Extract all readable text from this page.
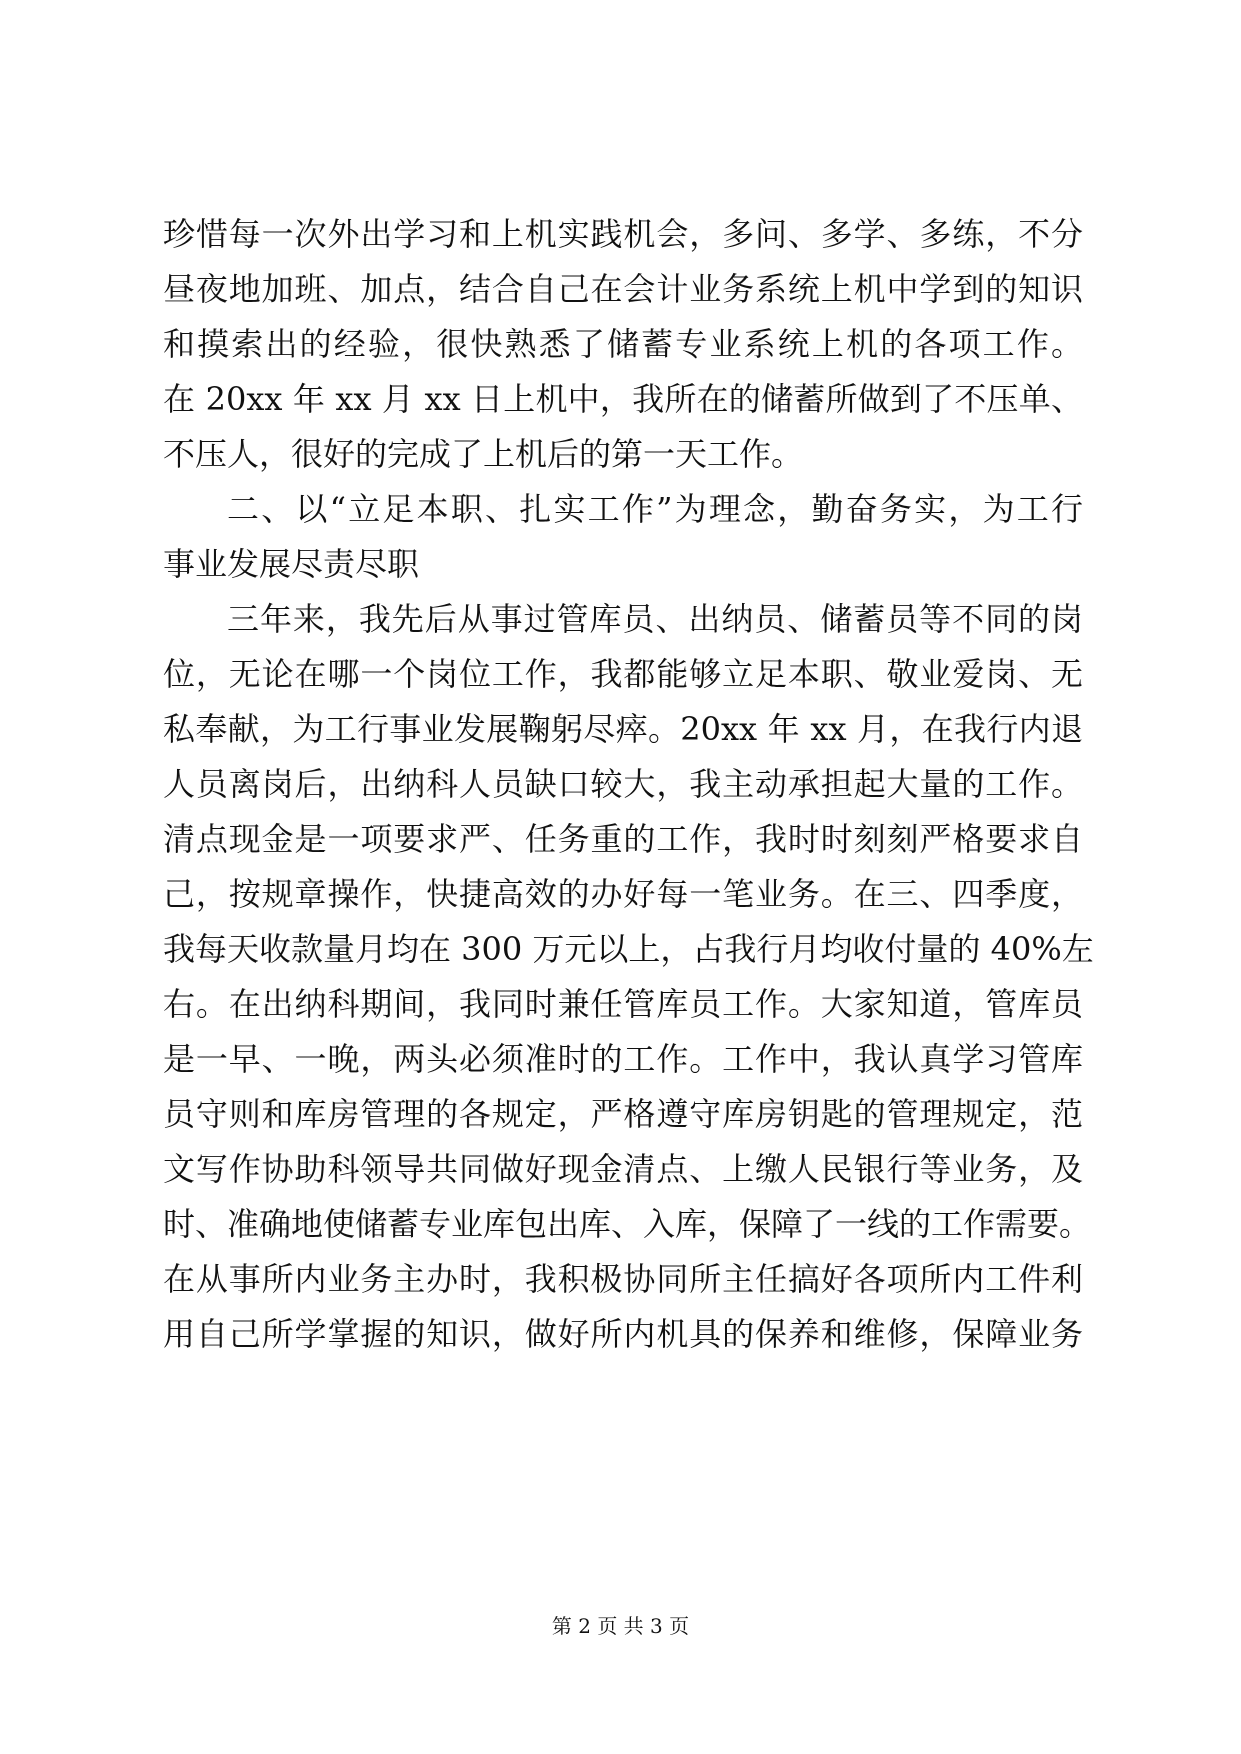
珍惜每一次外出学习和上机实践机会，多问、多学、多练，不分
昼夜地加班、加点，结合自己在会计业务系统上机中学到的知识
和摸索出的经验，很快熟悉了储蓄专业系统上机的各项工作。
在 20xx 年 xx 月 xx 日上机中，我所在的储蓄所做到了不压单、
不压人，很好的完成了上机后的第一天工作。
二、以“立足本职、扎实工作”为理念，勤奋务实，为工行
事业发展尽责尽职
三年来，我先后从事过管库员、出纳员、储蓄员等不同的岗
位，无论在哪一个岗位工作，我都能够立足本职、敬业爱岗、无
私奉献，为工行事业发展鞠躬尽瘁。20xx 年 xx 月，在我行内退
人员离岗后，出纳科人员缺口较大，我主动承担起大量的工作。
清点现金是一项要求严、任务重的工作，我时时刻刻严格要求自
己，按规章操作，快捷高效的办好每一笔业务。在三、四季度，
我每天收款量月均在 300 万元以上，占我行月均收付量的 40%左
右。在出纳科期间，我同时兼任管库员工作。大家知道，管库员
是一早、一晚，两头必须准时的工作。工作中，我认真学习管库
员守则和库房管理的各规定，严格遵守库房钥匙的管理规定，范
文写作协助科领导共同做好现金清点、上缴人民银行等业务，及
时、准确地使储蓄专业库包出库、入库，保障了一线的工作需要。
在从事所内业务主办时，我积极协同所主任搞好各项所内工件利
用自己所学掌握的知识，做好所内机具的保养和维修，保障业务
第 2 页 共 3 页
